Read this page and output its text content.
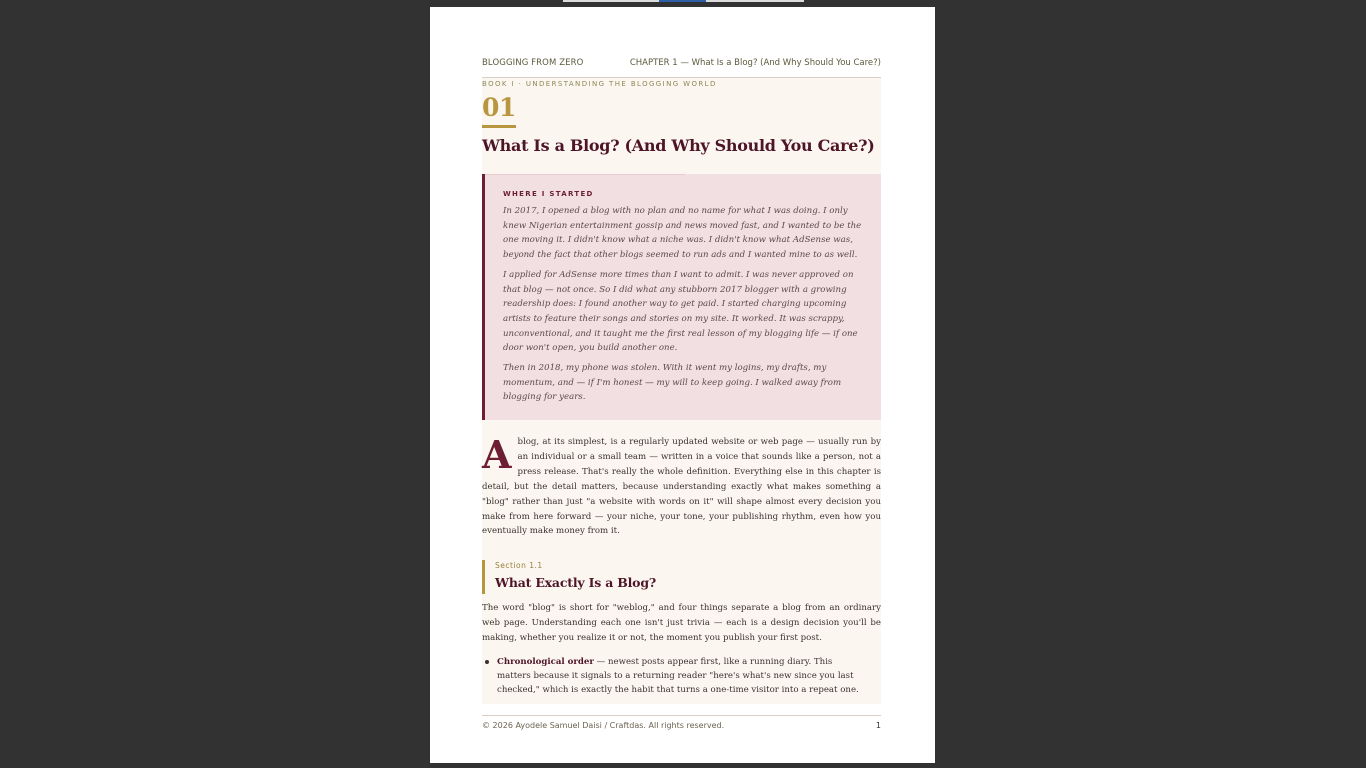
BLOGGING FROM ZERO	CHAPTER 1 — What Is a Blog? (And Why Should You Care?)
BOOK I · UNDERSTANDING THE BLOGGING WORLD
01
What Is a Blog? (And Why Should You Care?)
WHERE I STARTED

In 2017, I opened a blog with no plan and no name for what I was doing. I only knew Nigerian entertainment gossip and news moved fast, and I wanted to be the one moving it. I didn't know what a niche was. I didn't know what AdSense was, beyond the fact that other blogs seemed to run ads and I wanted mine to as well.

I applied for AdSense more times than I want to admit. I was never approved on that blog — not once. So I did what any stubborn 2017 blogger with a growing readership does: I found another way to get paid. I started charging upcoming artists to feature their songs and stories on my site. It worked. It was scrappy, unconventional, and it taught me the first real lesson of my blogging life — if one door won't open, you build another one.

Then in 2018, my phone was stolen. With it went my logins, my drafts, my momentum, and — if I'm honest — my will to keep going. I walked away from blogging for years.

Ablog, at its simplest, is a regularly updated website or web page — usually run by an individual or a small team — written in a voice that sounds like a person, not a press release. That's really the whole definition. Everything else in this chapter is detail, but the detail matters, because understanding exactly what makes something a "blog" rather than just "a website with words on it" will shape almost every decision you make from here forward — your niche, your tone, your publishing rhythm, even how you eventually make money from it.
Section 1.1
What Exactly Is a Blog?
The word "blog" is short for "weblog," and four things separate a blog from an ordinary web page. Understanding each one isn't just trivia — each is a design decision you'll be making, whether you realize it or not, the moment you publish your first post.
Chronological order — newest posts appear first, like a running diary. This matters because it signals to a returning reader "here's what's new since you last checked," which is exactly the habit that turns a one-time visitor into a repeat one.
© 2026 Ayodele Samuel Daisi / Craftdas. All rights reserved.	1
